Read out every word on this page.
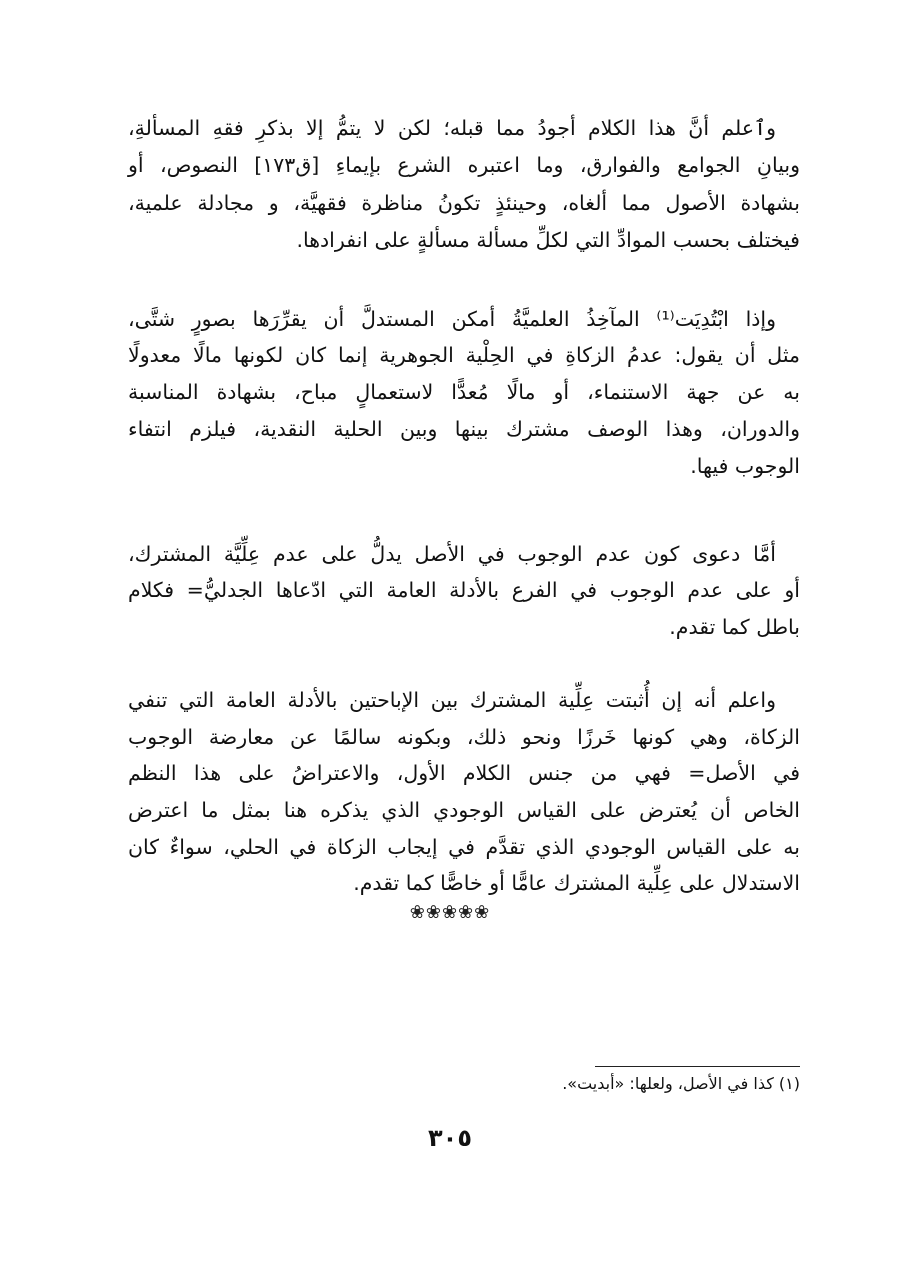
وٱعلم أنَّ هذا الكلام أجودُ مما قبله؛ لكن لا يتمُّ إلا بذكرِ فقهِ المسألةِ،
وبيانِ الجوامع والفوارق، وما اعتبره الشرع بإيماءِ [ق١٧٣] النصوص، أو
بشهادة الأصول مما ألغاه، وحينئذٍ تكونُ مناظرة فقهيَّة، و مجادلة علمية،
فيختلف بحسب الموادِّ التي لكلِّ مسألة مسألةٍ على انفرادها.
وإذا ابْتُدِيَت⁽¹⁾ المآخِذُ العلميَّةُ أمكن المستدلَّ أن يقرِّرَها بصورٍ شتَّى،
مثل أن يقول: عدمُ الزكاةِ في الحِلْية الجوهرية إنما كان لكونها مالًا معدولًا
به عن جهة الاستنماء، أو مالًا مُعدًّا لاستعمالٍ مباح، بشهادة المناسبة
والدوران، وهذا الوصف مشترك بينها وبين الحلية النقدية، فيلزم انتفاء
الوجوب فيها.
أمَّا دعوى كون عدم الوجوب في الأصل يدلُّ على عدم عِلِّيَّة المشترك،
أو على عدم الوجوب في الفرع بالأدلة العامة التي ادّعاها الجدليُّ= فكلام
باطل كما تقدم.
واعلم أنه إن أُثبتت عِلِّية المشترك بين الإباحتين بالأدلة العامة التي تنفي
الزكاة، وهي كونها خَرزًا ونحو ذلك، وبكونه سالمًا عن معارضة الوجوب
في الأصل= فهي من جنس الكلام الأول، والاعتراضُ على هذا النظم
الخاص أن يُعترض على القياس الوجودي الذي يذكره هنا بمثل ما اعترض
به على القياس الوجودي الذي تقدَّم في إيجاب الزكاة في الحلي، سواءٌ كان
الاستدلال على عِلِّية المشترك عامًّا أو خاصًّا كما تقدم.
❀❀❀❀❀
(١) كذا في الأصل، ولعلها: «أبديت».
٣٠٥
